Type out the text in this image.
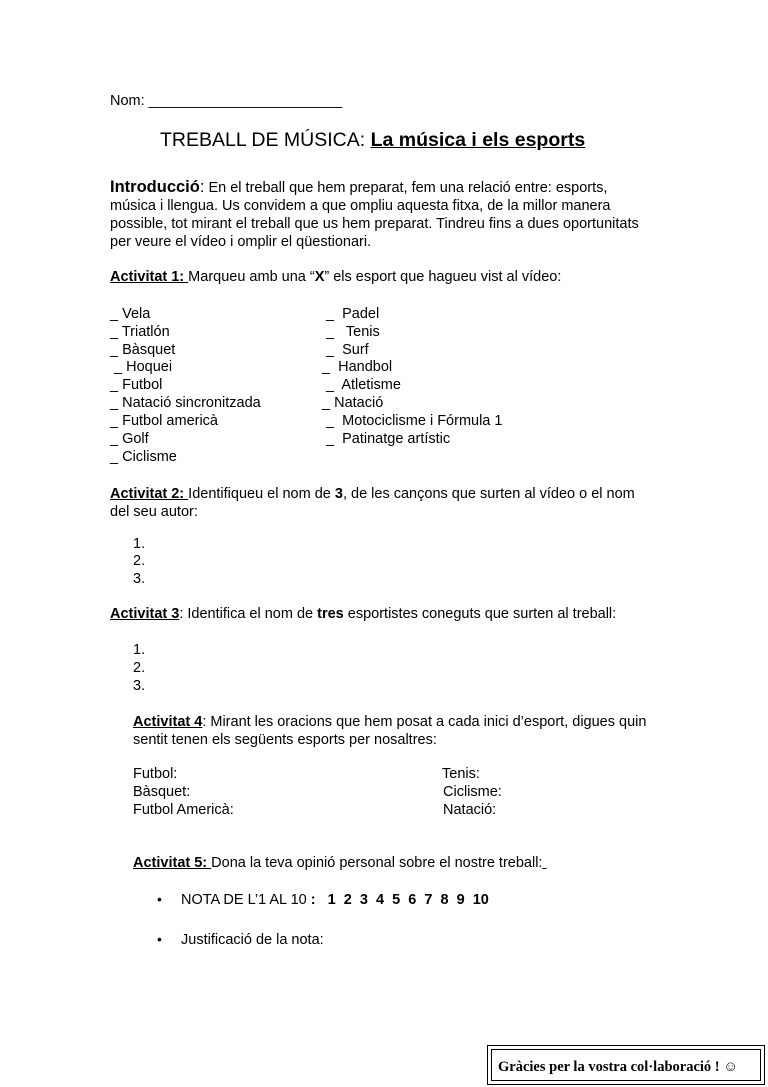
Nom: ________________________
TREBALL DE MÚSICA: La música i els esports
Introducció: En el treball que hem preparat, fem una relació entre: esports, música i llengua. Us convidem a que ompliu aquesta fitxa, de la millor manera possible, tot mirant el treball que us hem preparat. Tindreu fins a dues oportunitats per veure el vídeo i omplir el qüestionari.
Activitat 1: Marqueu amb una “X” els esport que hagueu vist al vídeo:
_ Vela
_ Triatlón
_ Bàsquet
_ Hoquei
_ Futbol
_ Natació sincronitzada
_ Futbol americà
_ Golf
_ Ciclisme
_  Padel
_   Tenis
_  Surf
_  Handbol
_  Atletisme
_ Natació
_  Motociclisme i Fórmula 1
_  Patinatge artístic
Activitat 2: Identifiqueu el nom de 3, de les cançons que surten al vídeo o el nom del seu autor:
1.
2.
3.
Activitat 3: Identifica el nom de tres esportistes coneguts que surten al treball:
1.
2.
3.
Activitat 4: Mirant les oracions que hem posat a cada inici d’esport, digues quin sentit tenen els següents esports per nosaltres:
Futbol:
Bàsquet:
Futbol Americà:
Tenis:
Ciclisme:
Natació:
Activitat 5: Dona la teva opinió personal sobre el nostre treball:
• NOTA DE L’1 AL 10 : 1  2  3  4  5  6  7  8  9  10
• Justificació de la nota:
Gràcies per la vostra col·laboració ! ☺
